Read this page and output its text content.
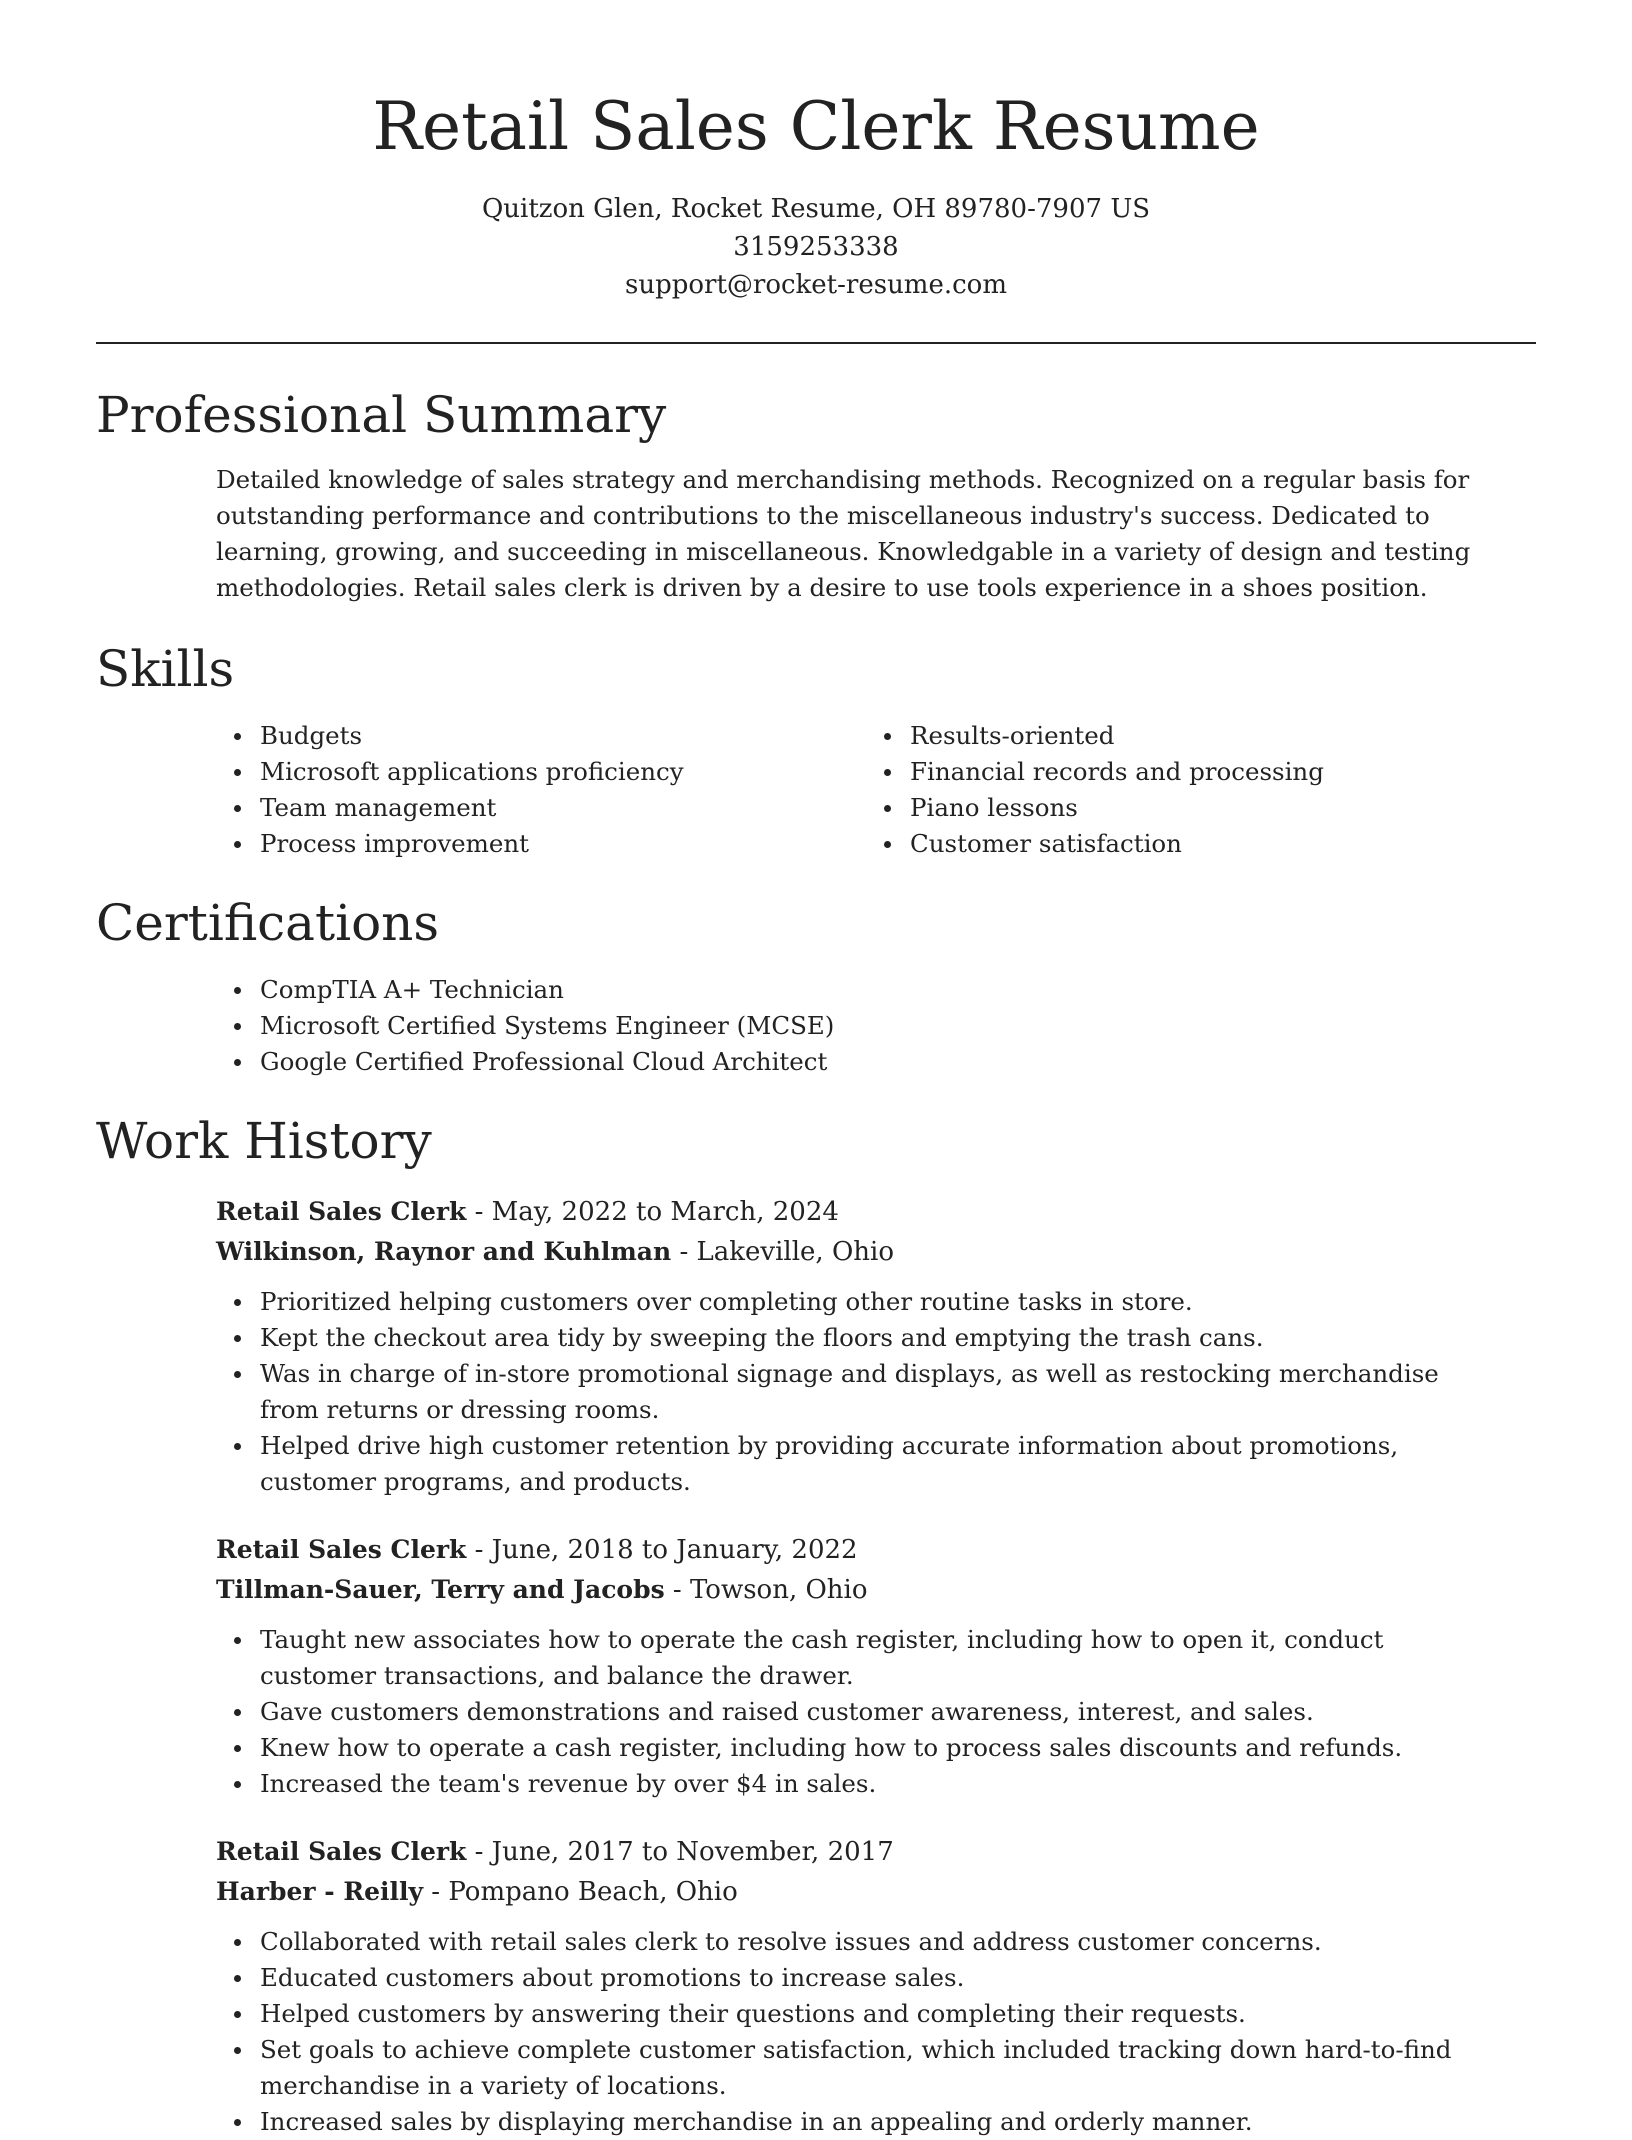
Retail Sales Clerk Resume
Quitzon Glen, Rocket Resume, OH 89780-7907 US
3159253338
support@rocket-resume.com
Professional Summary
Detailed knowledge of sales strategy and merchandising methods. Recognized on a regular basis for outstanding performance and contributions to the miscellaneous industry's success. Dedicated to learning, growing, and succeeding in miscellaneous. Knowledgable in a variety of design and testing methodologies. Retail sales clerk is driven by a desire to use tools experience in a shoes position.
Skills
Budgets
Microsoft applications proficiency
Team management
Process improvement
Results-oriented
Financial records and processing
Piano lessons
Customer satisfaction
Certifications
CompTIA A+ Technician
Microsoft Certified Systems Engineer (MCSE)
Google Certified Professional Cloud Architect
Work History
Retail Sales Clerk - May, 2022 to March, 2024
Wilkinson, Raynor and Kuhlman - Lakeville, Ohio
Prioritized helping customers over completing other routine tasks in store.
Kept the checkout area tidy by sweeping the floors and emptying the trash cans.
Was in charge of in-store promotional signage and displays, as well as restocking merchandise from returns or dressing rooms.
Helped drive high customer retention by providing accurate information about promotions, customer programs, and products.
Retail Sales Clerk - June, 2018 to January, 2022
Tillman-Sauer, Terry and Jacobs - Towson, Ohio
Taught new associates how to operate the cash register, including how to open it, conduct customer transactions, and balance the drawer.
Gave customers demonstrations and raised customer awareness, interest, and sales.
Knew how to operate a cash register, including how to process sales discounts and refunds.
Increased the team's revenue by over $4 in sales.
Retail Sales Clerk - June, 2017 to November, 2017
Harber - Reilly - Pompano Beach, Ohio
Collaborated with retail sales clerk to resolve issues and address customer concerns.
Educated customers about promotions to increase sales.
Helped customers by answering their questions and completing their requests.
Set goals to achieve complete customer satisfaction, which included tracking down hard-to-find merchandise in a variety of locations.
Increased sales by displaying merchandise in an appealing and orderly manner.
